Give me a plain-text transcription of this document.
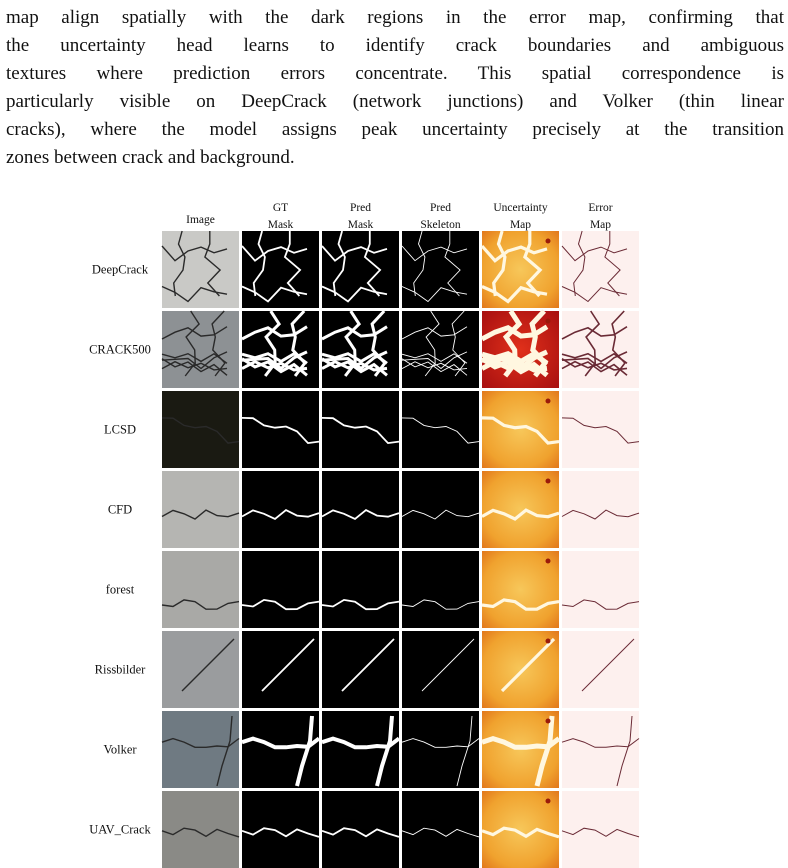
map align spatially with the dark regions in the error map, confirming that
the uncertainty head learns to identify crack boundaries and ambiguous
textures where prediction errors concentrate. This spatial correspondence is
particularly visible on DeepCrack (network junctions) and Volker (thin linear
cracks), where the model assigns peak uncertainty precisely at the transition
zones between crack and background.
Image
GT
Mask
Pred
Mask
Pred
Skeleton
Uncertainty
Map
Error
Map
DeepCrack
CRACK500
LCSD
CFD
forest
Rissbilder
Volker
UAV_Crack
